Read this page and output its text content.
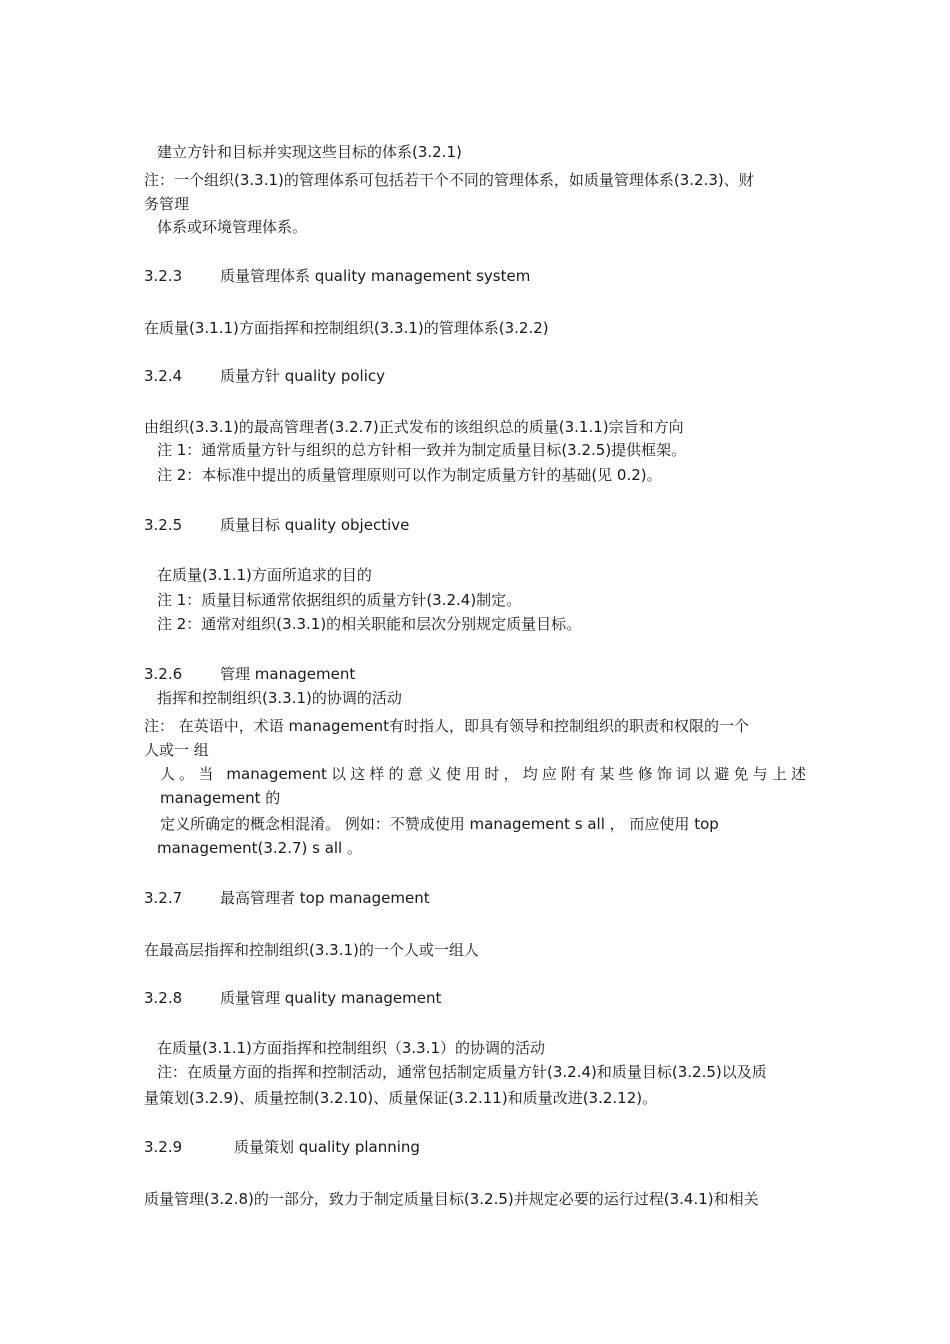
建立方针和目标并实现这些目标的体系(3.2.1)
注：一个组织(3.3.1)的管理体系可包括若干个不同的管理体系，如质量管理体系(3.2.3)、财
务管理
体系或环境管理体系。
3.2.3	质量管理体系 quality management system
在质量(3.1.1)方面指挥和控制组织(3.3.1)的管理体系(3.2.2)
3.2.4	质量方针 quality policy
由组织(3.3.1)的最高管理者(3.2.7)正式发布的该组织总的质量(3.1.1)宗旨和方向
注 1：通常质量方针与组织的总方针相一致并为制定质量目标(3.2.5)提供框架。
注 2：本标准中提出的质量管理原则可以作为制定质量方针的基础(见 0.2)。
3.2.5	质量目标 quality objective
在质量(3.1.1)方面所追求的目的
注 1：质量目标通常依据组织的质量方针(3.2.4)制定。
注 2：通常对组织(3.3.1)的相关职能和层次分别规定质量目标。
3.2.6	管理 management
指挥和控制组织(3.3.1)的协调的活动
注： 在英语中，术语 management有时指人，即具有领导和控制组织的职责和权限的一个
人或一 组
人。当 management以这样的意义使用时，均应附有某些修饰词以避免与上述
management 的
定义所确定的概念相混淆。 例如：不赞成使用 management s all ， 而应使用 top
management(3.2.7) s all 。
3.2.7	最高管理者 top management
在最高层指挥和控制组织(3.3.1)的一个人或一组人
3.2.8	质量管理 quality management
在质量(3.1.1)方面指挥和控制组织（3.3.1）的协调的活动
注：在质量方面的指挥和控制活动，通常包括制定质量方针(3.2.4)和质量目标(3.2.5)以及质
量策划(3.2.9)、质量控制(3.2.10)、质量保证(3.2.11)和质量改进(3.2.12)。
3.2.9	质量策划 quality planning
质量管理(3.2.8)的一部分，致力于制定质量目标(3.2.5)并规定必要的运行过程(3.4.1)和相关
